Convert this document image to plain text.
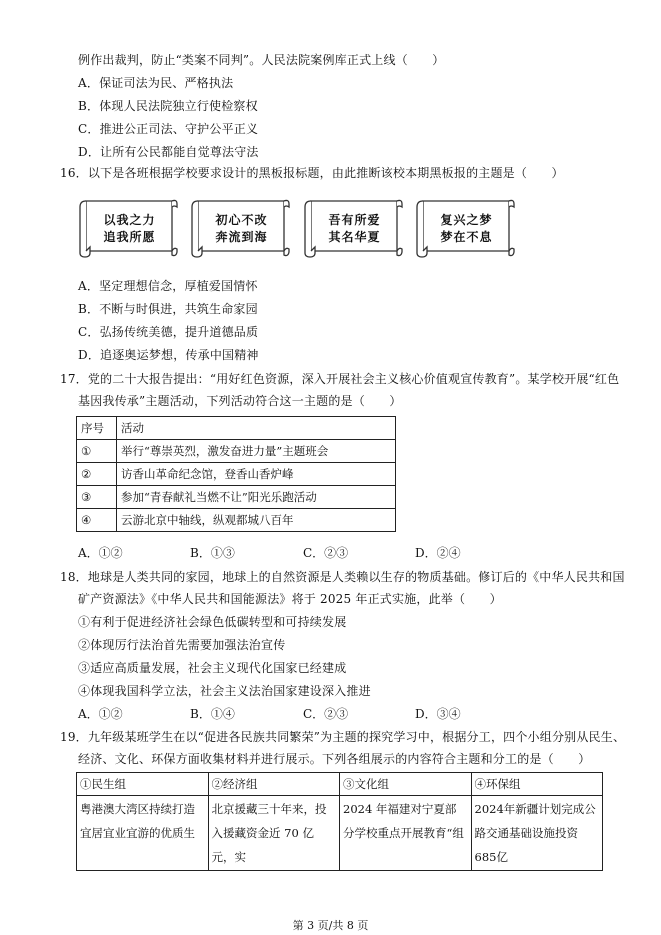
例作出裁判，防止“类案不同判”。人民法院案例库正式上线（　　）
A．保证司法为民、严格执法
B．体现人民法院独立行使检察权
C．推进公正司法、守护公平正义
D．让所有公民都能自觉尊法守法
16．以下是各班根据学校要求设计的黑板报标题，由此推断该校本期黑板报的主题是（　　）
以我之力
追我所愿
初心不改
奔流到海
吾有所爱
其名华夏
复兴之梦
梦在不息
A．坚定理想信念，厚植爱国情怀
B．不断与时俱进，共筑生命家园
C．弘扬传统美德，提升道德品质
D．追逐奥运梦想，传承中国精神
17．党的二十大报告提出：“用好红色资源，深入开展社会主义核心价值观宣传教育”。某学校开展“红色
基因我传承”主题活动，下列活动符合这一主题的是（　　）
序号	活动
①	举行“尊崇英烈，激发奋进力量”主题班会
②	访香山革命纪念馆，登香山香炉峰
③	参加“青春献礼当燃不让”阳光乐跑活动
④	云游北京中轴线，纵观都城八百年
A．①②	B．①③	C．②③	D．②④
18．地球是人类共同的家园，地球上的自然资源是人类赖以生存的物质基础。修订后的《中华人民共和国
矿产资源法》《中华人民共和国能源法》将于 2025 年正式实施，此举（　　）
①有利于促进经济社会绿色低碳转型和可持续发展
②体现厉行法治首先需要加强法治宣传
③适应高质量发展，社会主义现代化国家已经建成
④体现我国科学立法，社会主义法治国家建设深入推进
A．①②	B．①④	C．②③	D．③④
19．九年级某班学生在以“促进各民族共同繁荣”为主题的探究学习中，根据分工，四个小组分别从民生、
经济、文化、环保方面收集材料并进行展示。下列各组展示的内容符合主题和分工的是（　　）
①民生组	②经济组	③文化组	④环保组
粤港澳大湾区持续打造宜居宜业宜游的优质生	北京援藏三十年来，投入援藏资金近 70 亿元，实	2024 年福建对宁夏部分学校重点开展教育“组	2024年新疆计划完成公路交通基础设施投资685亿
第 3 页/共 8 页
